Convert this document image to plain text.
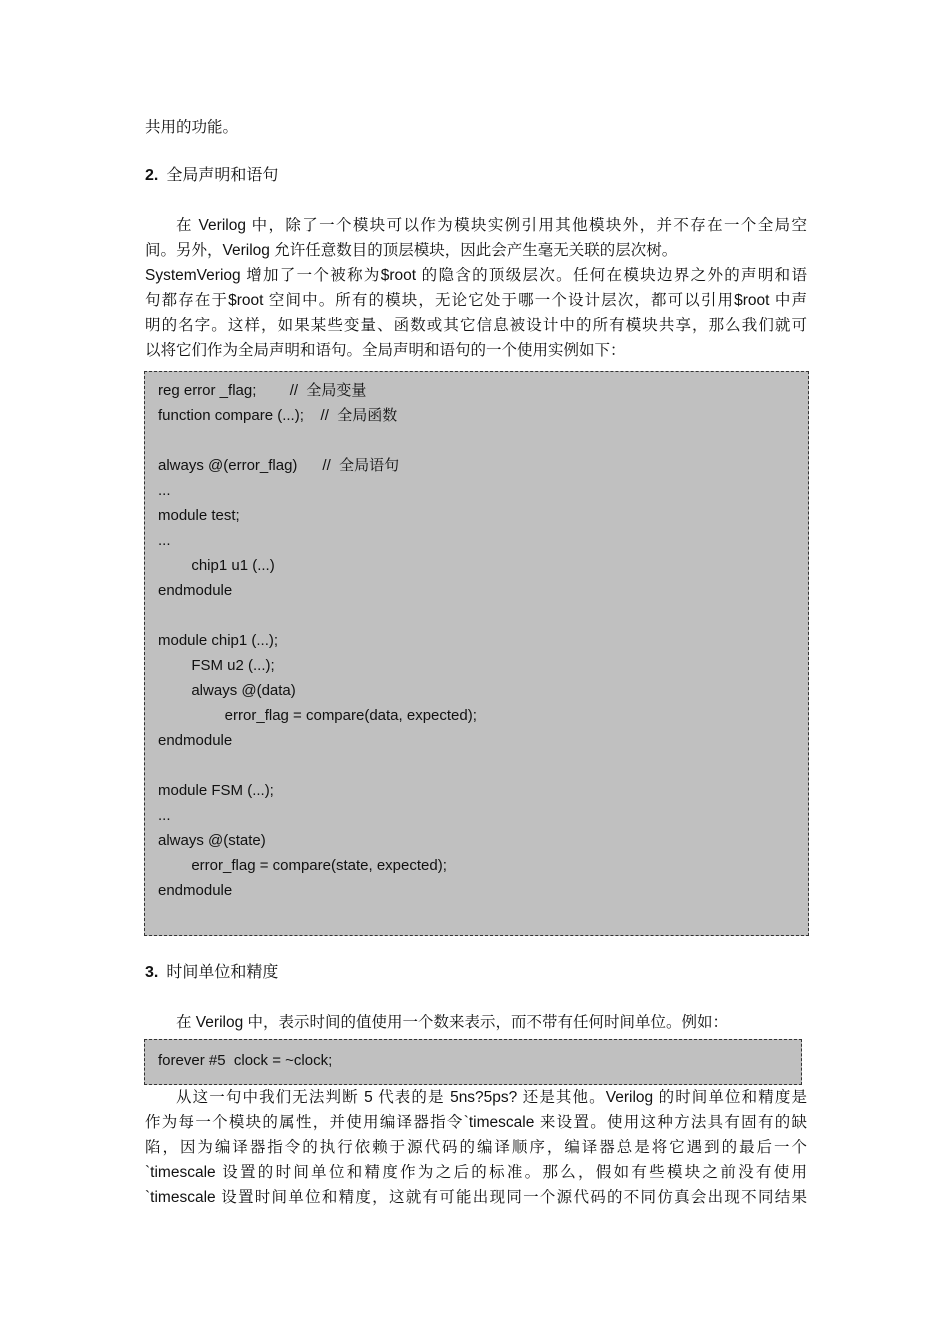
共用的功能。
2. 全局声明和语句
在 Verilog 中，除了一个模块可以作为模块实例引用其他模块外，并不存在一个全局空
间。另外，Verilog 允许任意数目的顶层模块，因此会产生毫无关联的层次树。
SystemVeriog 增加了一个被称为$root 的隐含的顶级层次。任何在模块边界之外的声明和语
句都存在于$root 空间中。所有的模块，无论它处于哪一个设计层次，都可以引用$root 中声
明的名字。这样，如果某些变量、函数或其它信息被设计中的所有模块共享，那么我们就可
以将它们作为全局声明和语句。全局声明和语句的一个使用实例如下：
reg error _flag;        //  全局变量
function compare (...);    //  全局函数
always @(error_flag)      //  全局语句
...
module test;
...
chip1 u1 (...)
endmodule
module chip1 (...);
FSM u2 (...);
always @(data)
error_flag = compare(data, expected);
endmodule
module FSM (...);
...
always @(state)
error_flag = compare(state, expected);
endmodule
3. 时间单位和精度
在 Verilog 中，表示时间的值使用一个数来表示，而不带有任何时间单位。例如：
forever #5  clock = ~clock;
从这一句中我们无法判断 5 代表的是 5ns?5ps? 还是其他。Verilog 的时间单位和精度是
作为每一个模块的属性，并使用编译器指令`timescale 来设置。使用这种方法具有固有的缺
陷，因为编译器指令的执行依赖于源代码的编译顺序，编译器总是将它遇到的最后一个
`timescale 设置的时间单位和精度作为之后的标准。那么，假如有些模块之前没有使用
`timescale 设置时间单位和精度，这就有可能出现同一个源代码的不同仿真会出现不同结果
